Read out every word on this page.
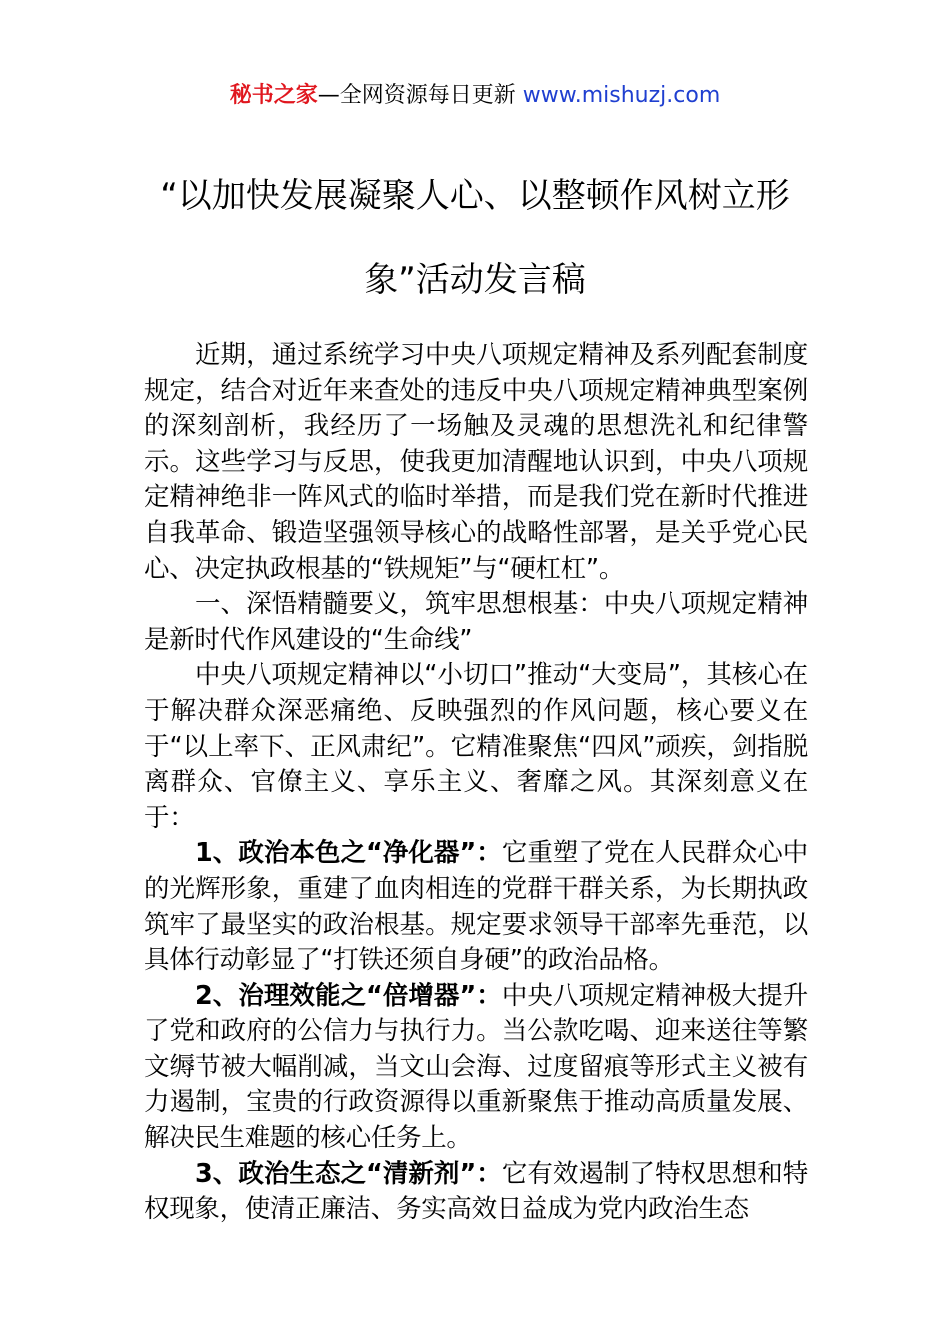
秘书之家—全网资源每日更新 www.mishuzj.com
“以加快发展凝聚人心、以整顿作风树立形
象”活动发言稿

近期，通过系统学习中央八项规定精神及系列配套制度规定，结合对近年来查处的违反中央八项规定精神典型案例的深刻剖析，我经历了一场触及灵魂的思想洗礼和纪律警示。这些学习与反思，使我更加清醒地认识到，中央八项规定精神绝非一阵风式的临时举措，而是我们党在新时代推进自我革命、锻造坚强领导核心的战略性部署，是关乎党心民心、决定执政根基的“铁规矩”与“硬杠杠”。

一、深悟精髓要义，筑牢思想根基：中央八项规定精神是新时代作风建设的“生命线”

中央八项规定精神以“小切口”推动“大变局”，其核心在于解决群众深恶痛绝、反映强烈的作风问题，核心要义在于“以上率下、正风肃纪”。它精准聚焦“四风”顽疾，剑指脱离群众、官僚主义、享乐主义、奢靡之风。其深刻意义在于：

1、政治本色之“净化器”：它重塑了党在人民群众心中的光辉形象，重建了血肉相连的党群干群关系，为长期执政筑牢了最坚实的政治根基。规定要求领导干部率先垂范，以具体行动彰显了“打铁还须自身硬”的政治品格。

2、治理效能之“倍增器”：中央八项规定精神极大提升了党和政府的公信力与执行力。当公款吃喝、迎来送往等繁文缛节被大幅削减，当文山会海、过度留痕等形式主义被有力遏制，宝贵的行政资源得以重新聚焦于推动高质量发展、解决民生难题的核心任务上。

3、政治生态之“清新剂”：它有效遏制了特权思想和特权现象，使清正廉洁、务实高效日益成为党内政治生态
